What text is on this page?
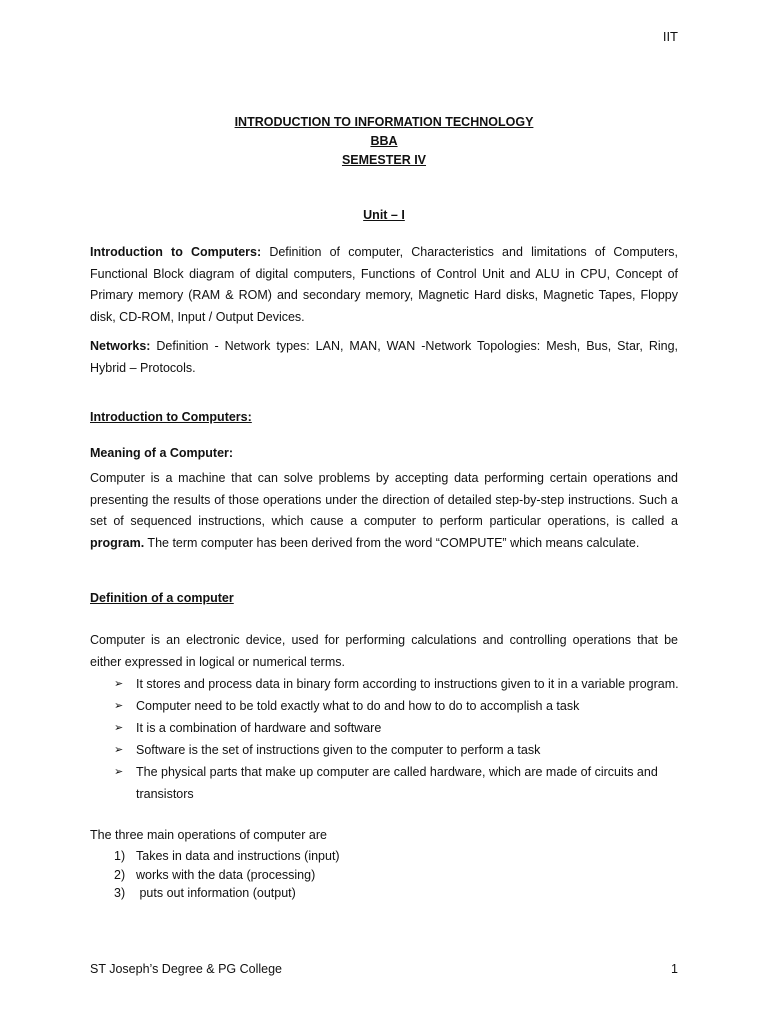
IIT
INTRODUCTION TO INFORMATION TECHNOLOGY
BBA
SEMESTER IV
Unit – I

Introduction to Computers: Definition of computer, Characteristics and limitations of Computers, Functional Block diagram of digital computers, Functions of Control Unit and ALU in CPU, Concept of Primary memory (RAM & ROM) and secondary memory, Magnetic Hard disks, Magnetic Tapes, Floppy disk, CD-ROM, Input / Output Devices.

Networks: Definition - Network types: LAN, MAN, WAN -Network Topologies: Mesh, Bus, Star, Ring, Hybrid – Protocols.

Introduction to Computers:
Meaning of a Computer:

Computer is a machine that can solve problems by accepting data performing certain operations and presenting the results of those operations under the direction of detailed step-by-step instructions. Such a set of sequenced instructions, which cause a computer to perform particular operations, is called a program. The term computer has been derived from the word “COMPUTE” which means calculate.

Definition of a computer

Computer is an electronic device, used for performing calculations and controlling operations that be either expressed in logical or numerical terms.

➢ It stores and process data in binary form according to instructions given to it in a variable program.
➢ Computer need to be told exactly what to do and how to do to accomplish a task
➢ It is a combination of hardware and software
➢ Software is the set of instructions given to the computer to perform a task
➢ The physical parts that make up computer are called hardware, which are made of circuits and transistors
The three main operations of computer are
1) Takes in data and instructions (input)
2) works with the data (processing)
3) puts out information (output)
ST Joseph’s Degree & PG College	1
